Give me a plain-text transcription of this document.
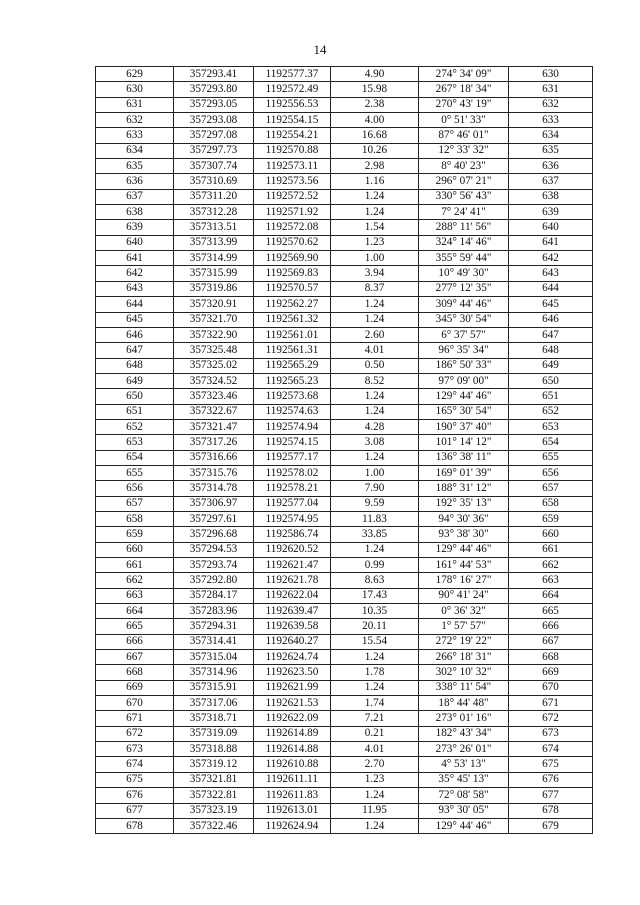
14
629	357293.41	1192577.37	4.90	274° 34' 09"	630
630	357293.80	1192572.49	15.98	267° 18' 34"	631
631	357293.05	1192556.53	2.38	270° 43' 19"	632
632	357293.08	1192554.15	4.00	0° 51' 33"	633
633	357297.08	1192554.21	16.68	87° 46' 01"	634
634	357297.73	1192570.88	10.26	12° 33' 32"	635
635	357307.74	1192573.11	2.98	8° 40' 23"	636
636	357310.69	1192573.56	1.16	296° 07' 21"	637
637	357311.20	1192572.52	1.24	330° 56' 43"	638
638	357312.28	1192571.92	1.24	7° 24' 41"	639
639	357313.51	1192572.08	1.54	288° 11' 56"	640
640	357313.99	1192570.62	1.23	324° 14' 46"	641
641	357314.99	1192569.90	1.00	355° 59' 44"	642
642	357315.99	1192569.83	3.94	10° 49' 30"	643
643	357319.86	1192570.57	8.37	277° 12' 35"	644
644	357320.91	1192562.27	1.24	309° 44' 46"	645
645	357321.70	1192561.32	1.24	345° 30' 54"	646
646	357322.90	1192561.01	2.60	6° 37' 57"	647
647	357325.48	1192561.31	4.01	96° 35' 34"	648
648	357325.02	1192565.29	0.50	186° 50' 33"	649
649	357324.52	1192565.23	8.52	97° 09' 00"	650
650	357323.46	1192573.68	1.24	129° 44' 46"	651
651	357322.67	1192574.63	1.24	165° 30' 54"	652
652	357321.47	1192574.94	4.28	190° 37' 40"	653
653	357317.26	1192574.15	3.08	101° 14' 12"	654
654	357316.66	1192577.17	1.24	136° 38' 11"	655
655	357315.76	1192578.02	1.00	169° 01' 39"	656
656	357314.78	1192578.21	7.90	188° 31' 12"	657
657	357306.97	1192577.04	9.59	192° 35' 13"	658
658	357297.61	1192574.95	11.83	94° 30' 36"	659
659	357296.68	1192586.74	33.85	93° 38' 30"	660
660	357294.53	1192620.52	1.24	129° 44' 46"	661
661	357293.74	1192621.47	0.99	161° 44' 53"	662
662	357292.80	1192621.78	8.63	178° 16' 27"	663
663	357284.17	1192622.04	17.43	90° 41' 24"	664
664	357283.96	1192639.47	10.35	0° 36' 32"	665
665	357294.31	1192639.58	20.11	1° 57' 57"	666
666	357314.41	1192640.27	15.54	272° 19' 22"	667
667	357315.04	1192624.74	1.24	266° 18' 31"	668
668	357314.96	1192623.50	1.78	302° 10' 32"	669
669	357315.91	1192621.99	1.24	338° 11' 54"	670
670	357317.06	1192621.53	1.74	18° 44' 48"	671
671	357318.71	1192622.09	7.21	273° 01' 16"	672
672	357319.09	1192614.89	0.21	182° 43' 34"	673
673	357318.88	1192614.88	4.01	273° 26' 01"	674
674	357319.12	1192610.88	2.70	4° 53' 13"	675
675	357321.81	1192611.11	1.23	35° 45' 13"	676
676	357322.81	1192611.83	1.24	72° 08' 58"	677
677	357323.19	1192613.01	11.95	93° 30' 05"	678
678	357322.46	1192624.94	1.24	129° 44' 46"	679
